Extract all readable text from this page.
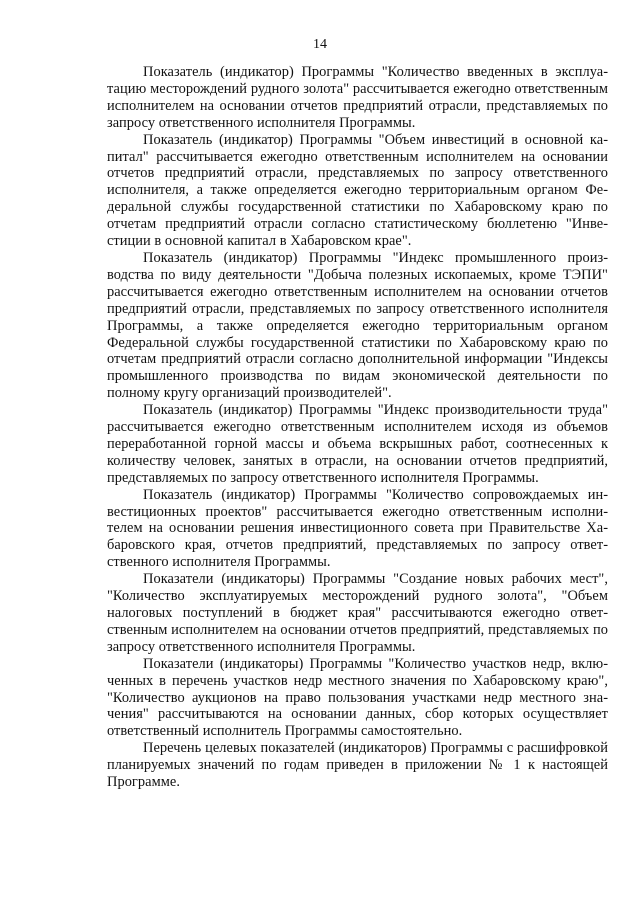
14

Показатель (индикатор) Программы "Количество введенных в эксплуатацию месторождений рудного золота" рассчитывается ежегодно ответственным исполнителем на основании отчетов предприятий отрасли, представляемых по запросу ответственного исполнителя Программы.

Показатель (индикатор) Программы "Объем инвестиций в основной капитал" рассчитывается ежегодно ответственным исполнителем на основании отчетов предприятий отрасли, представляемых по запросу ответственного исполнителя, а также определяется ежегодно территориальным органом Федеральной службы государственной статистики по Хабаровскому краю по отчетам предприятий отрасли согласно статистическому бюллетеню "Инвестиции в основной капитал в Хабаровском крае".

Показатель (индикатор) Программы "Индекс промышленного производства по виду деятельности "Добыча полезных ископаемых, кроме ТЭПИ" рассчитывается ежегодно ответственным исполнителем на основании отчетов предприятий отрасли, представляемых по запросу ответственного исполнителя Программы, а также определяется ежегодно территориальным органом Федеральной службы государственной статистики по Хабаровскому краю по отчетам предприятий отрасли согласно дополнительной информации "Индексы промышленного производства по видам экономической деятельности по полному кругу организаций производителей".

Показатель (индикатор) Программы "Индекс производительности труда" рассчитывается ежегодно ответственным исполнителем исходя из объемов переработанной горной массы и объема вскрышных работ, соотнесенных к количеству человек, занятых в отрасли, на основании отчетов предприятий, представляемых по запросу ответственного исполнителя Программы.

Показатель (индикатор) Программы "Количество сопровождаемых инвестиционных проектов" рассчитывается ежегодно ответственным исполнителем на основании решения инвестиционного совета при Правительстве Хабаровского края, отчетов предприятий, представляемых по запросу ответственного исполнителя Программы.

Показатели (индикаторы) Программы "Создание новых рабочих мест", "Количество эксплуатируемых месторождений рудного золота", "Объем налоговых поступлений в бюджет края" рассчитываются ежегодно ответственным исполнителем на основании отчетов предприятий, представляемых по запросу ответственного исполнителя Программы.

Показатели (индикаторы) Программы "Количество участков недр, включенных в перечень участков недр местного значения по Хабаровскому краю", "Количество аукционов на право пользования участками недр местного значения" рассчитываются на основании данных, сбор которых осуществляет ответственный исполнитель Программы самостоятельно.

Перечень целевых показателей (индикаторов) Программы с расшифровкой планируемых значений по годам приведен в приложении № 1 к настоящей Программе.
